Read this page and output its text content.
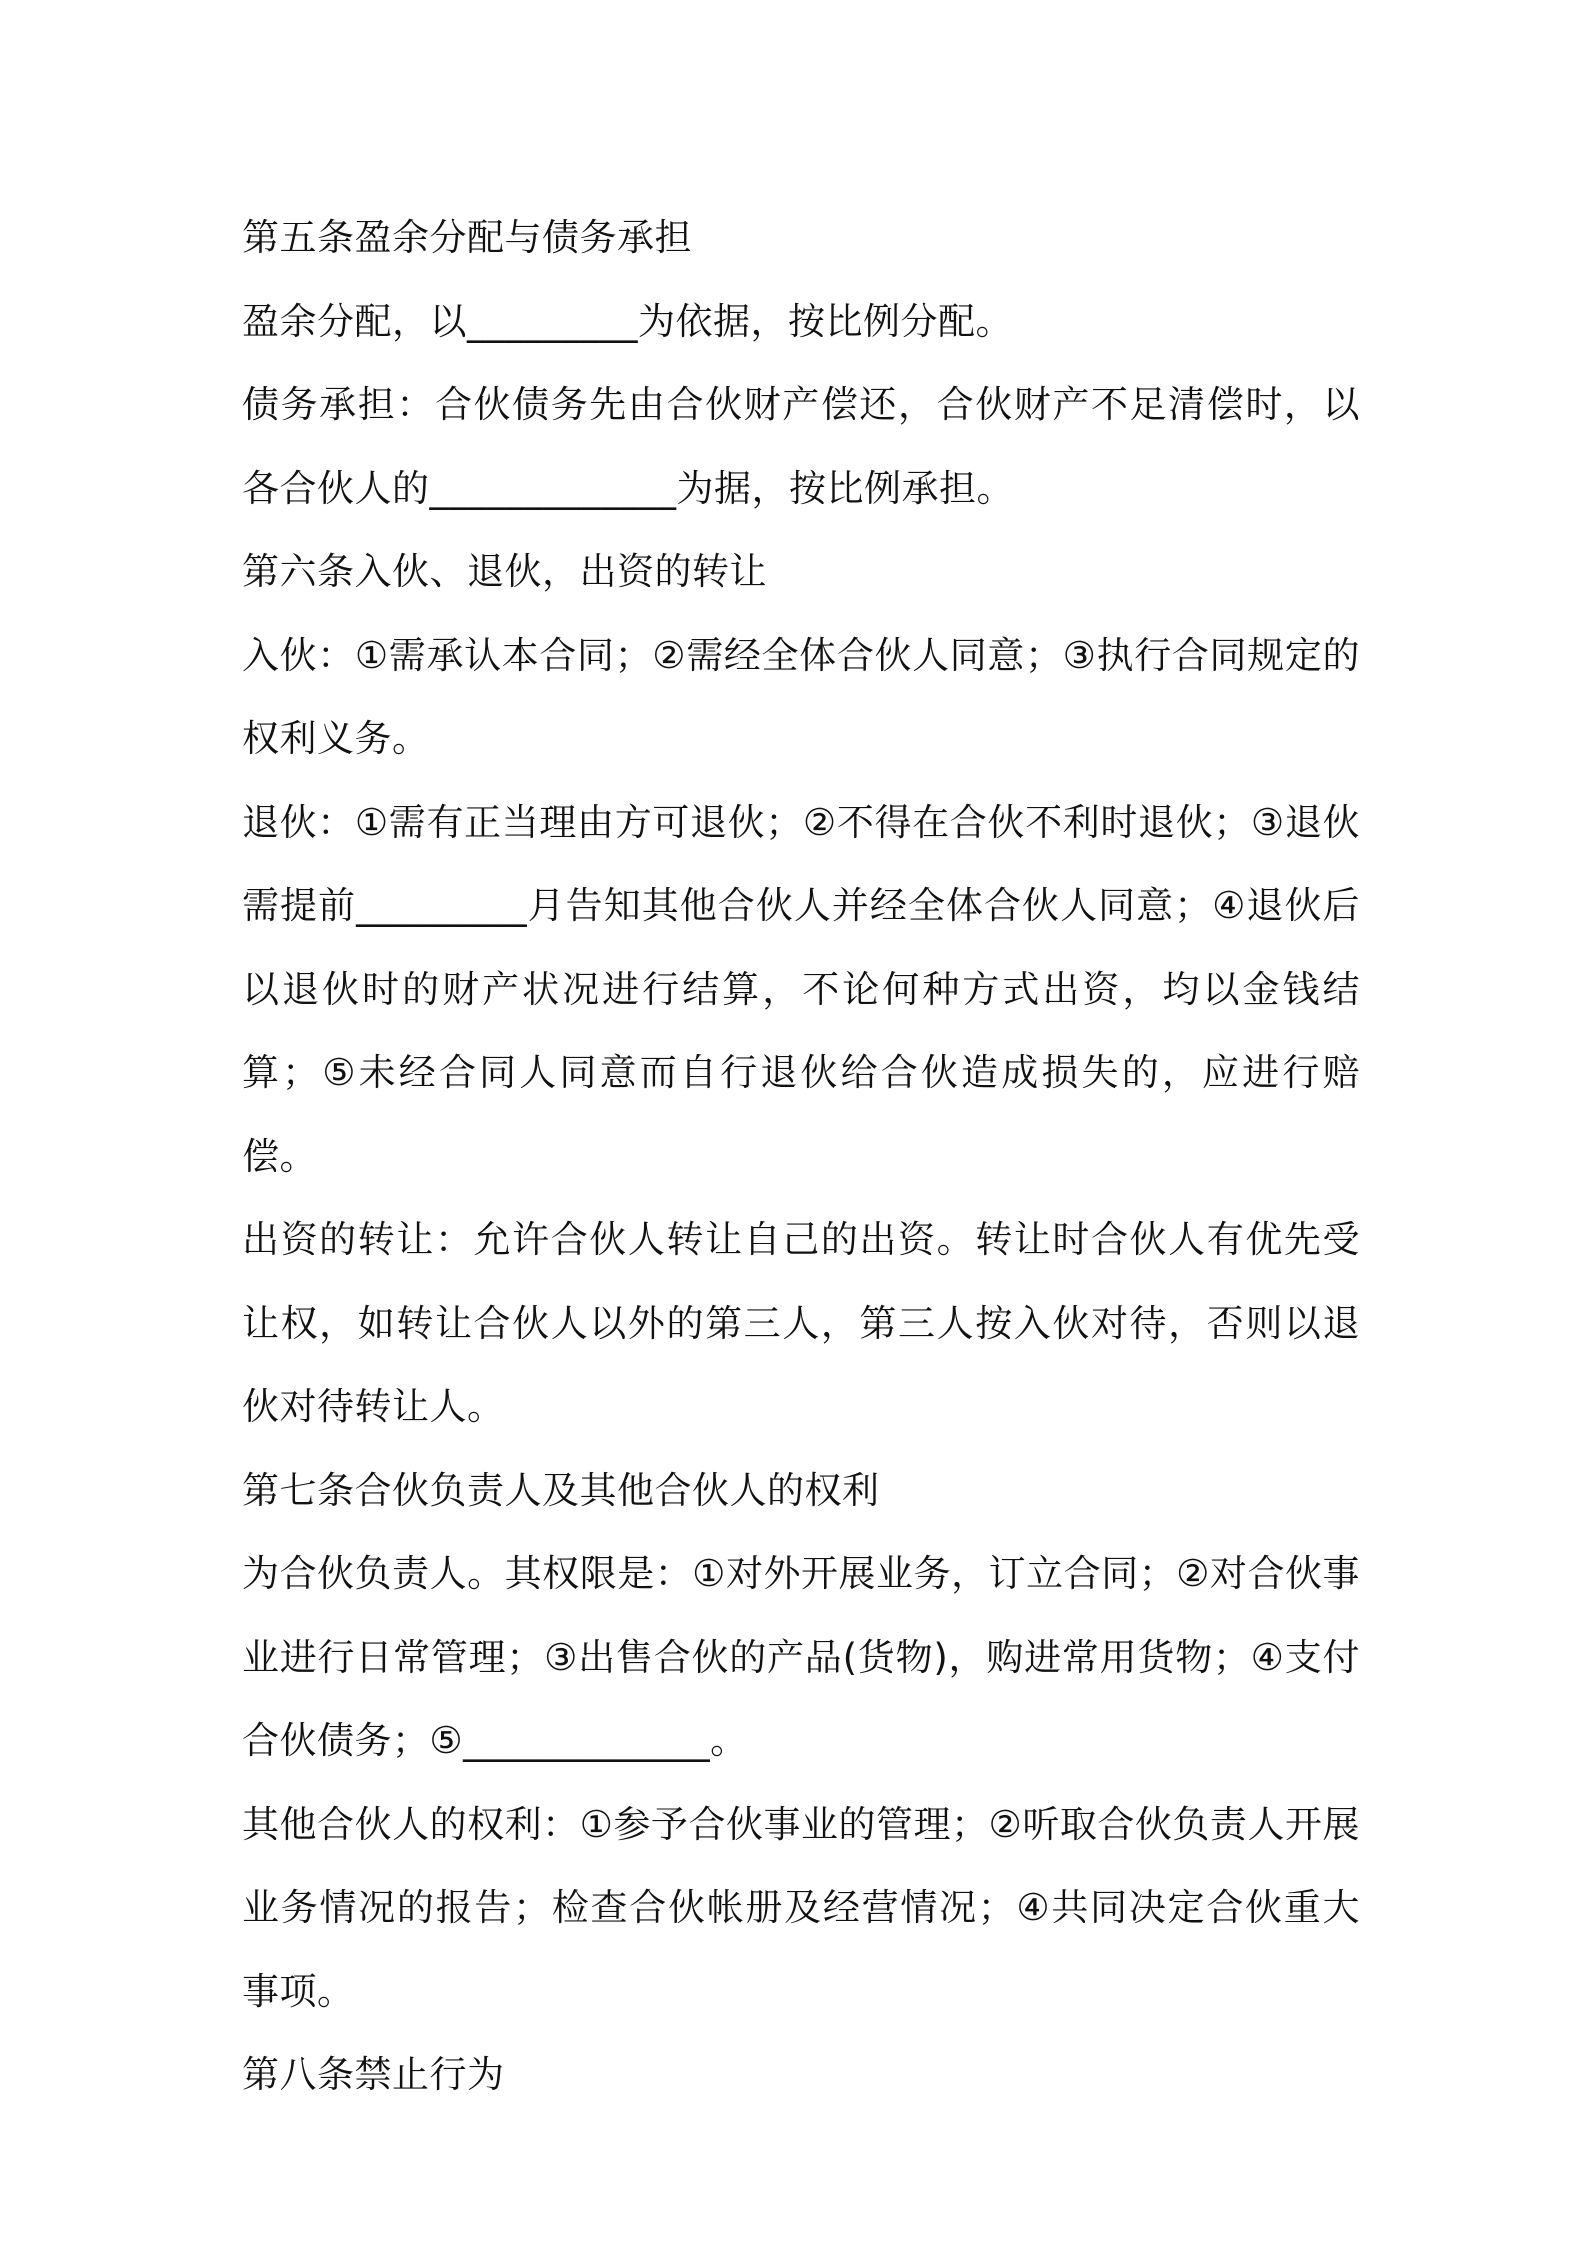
第五条盈余分配与债务承担

盈余分配，以_________为依据，按比例分配。

债务承担：合伙债务先由合伙财产偿还，合伙财产不足清偿时，以各合伙人的_____________为据，按比例承担。

第六条入伙、退伙，出资的转让

入伙：①需承认本合同；②需经全体合伙人同意；③执行合同规定的权利义务。

退伙：①需有正当理由方可退伙；②不得在合伙不利时退伙；③退伙需提前_________月告知其他合伙人并经全体合伙人同意；④退伙后以退伙时的财产状况进行结算，不论何种方式出资，均以金钱结算；⑤未经合同人同意而自行退伙给合伙造成损失的，应进行赔偿。

出资的转让：允许合伙人转让自己的出资。转让时合伙人有优先受让权，如转让合伙人以外的第三人，第三人按入伙对待，否则以退伙对待转让人。

第七条合伙负责人及其他合伙人的权利

为合伙负责人。其权限是：①对外开展业务，订立合同；②对合伙事业进行日常管理；③出售合伙的产品(货物)，购进常用货物；④支付合伙债务；⑤_____________。

其他合伙人的权利：①参予合伙事业的管理；②听取合伙负责人开展业务情况的报告；检查合伙帐册及经营情况；④共同决定合伙重大事项。

第八条禁止行为
